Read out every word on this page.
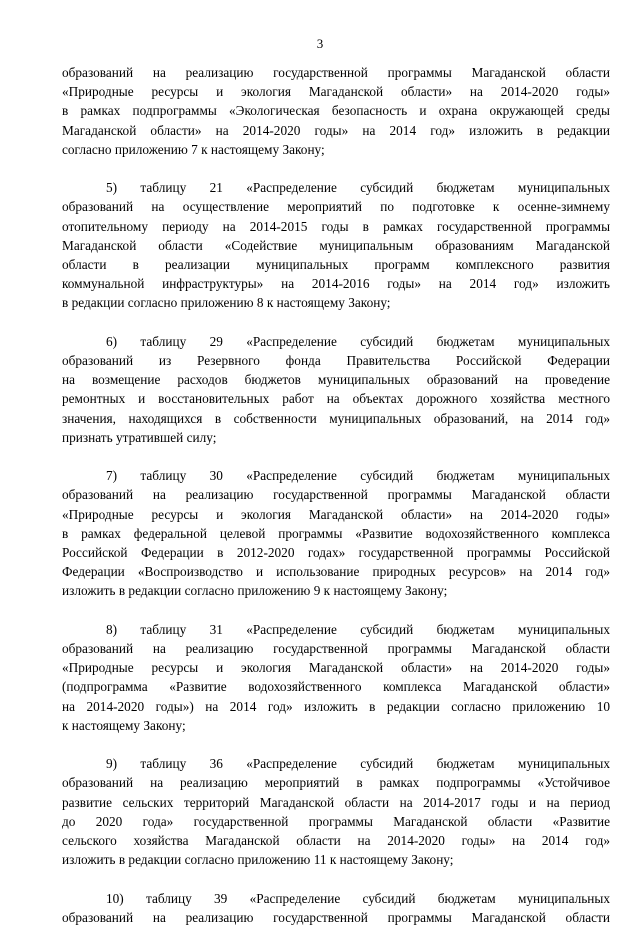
3
образований на реализацию государственной программы Магаданской области
«Природные ресурсы и экология Магаданской области» на 2014-2020 годы»
в рамках подпрограммы «Экологическая безопасность и охрана окружающей среды
Магаданской области» на 2014-2020 годы» на 2014 год» изложить в редакции
согласно приложению 7 к настоящему Закону;
5) таблицу 21 «Распределение субсидий бюджетам муниципальных
образований на осуществление мероприятий по подготовке к осенне-зимнему
отопительному периоду на 2014-2015 годы в рамках государственной программы
Магаданской области «Содействие муниципальным образованиям Магаданской
области в реализации муниципальных программ комплексного развития
коммунальной инфраструктуры» на 2014-2016 годы» на 2014 год» изложить
в редакции согласно приложению 8 к настоящему Закону;
6) таблицу 29 «Распределение субсидий бюджетам муниципальных
образований из Резервного фонда Правительства Российской Федерации
на возмещение расходов бюджетов муниципальных образований на проведение
ремонтных и восстановительных работ на объектах дорожного хозяйства местного
значения, находящихся в собственности муниципальных образований, на 2014 год»
признать утратившей силу;
7) таблицу 30 «Распределение субсидий бюджетам муниципальных
образований на реализацию государственной программы Магаданской области
«Природные ресурсы и экология Магаданской области» на 2014-2020 годы»
в рамках федеральной целевой программы «Развитие водохозяйственного комплекса
Российской Федерации в 2012-2020 годах» государственной программы Российской
Федерации «Воспроизводство и использование природных ресурсов» на 2014 год»
изложить в редакции согласно приложению 9 к настоящему Закону;
8) таблицу 31 «Распределение субсидий бюджетам муниципальных
образований на реализацию государственной программы Магаданской области
«Природные ресурсы и экология Магаданской области» на 2014-2020 годы»
(подпрограмма «Развитие водохозяйственного комплекса Магаданской области»
на 2014-2020 годы») на 2014 год» изложить в редакции согласно приложению 10
к настоящему Закону;
9) таблицу 36 «Распределение субсидий бюджетам муниципальных
образований на реализацию мероприятий в рамках подпрограммы «Устойчивое
развитие сельских территорий Магаданской области на 2014-2017 годы и на период
до 2020 года» государственной программы Магаданской области «Развитие
сельского хозяйства Магаданской области на 2014-2020 годы» на 2014 год»
изложить в редакции согласно приложению 11 к настоящему Закону;
10) таблицу 39 «Распределение субсидий бюджетам муниципальных
образований на реализацию государственной программы Магаданской области
